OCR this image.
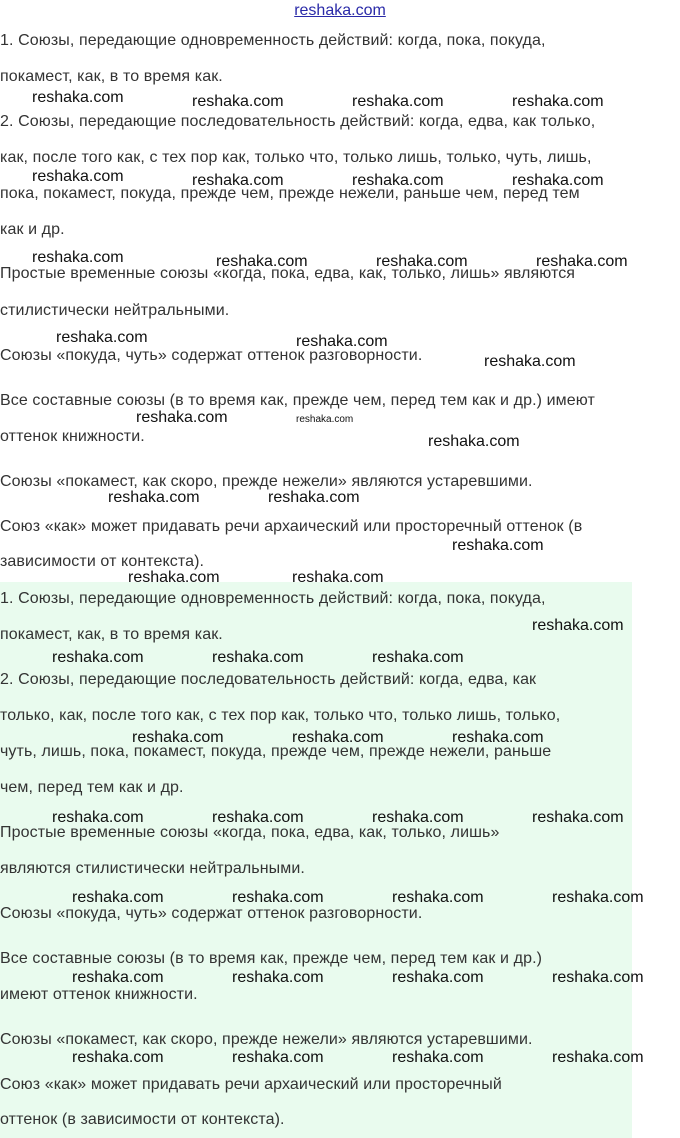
reshaka.com

1. Союзы, передающие одновременность действий: когда, пока, покуда,

покамест, как, в то время как.

2. Союзы, передающие последовательность действий: когда, едва, как только,

как, после того как, с тех пор как, только что, только лишь, только, чуть, лишь,

пока, покамест, покуда, прежде чем, прежде нежели, раньше чем, перед тем

как и др.

Простые временные союзы «когда, пока, едва, как, только, лишь» являются

стилистически нейтральными.

Союзы «покуда, чуть» содержат оттенок разговорности.

Все составные союзы (в то время как, прежде чем, перед тем как и др.) имеют

оттенок книжности.

Союзы «покамест, как скоро, прежде нежели» являются устаревшими.

Союз «как» может придавать речи архаический или просторечный оттенок (в

зависимости от контекста).

1. Союзы, передающие одновременность действий: когда, пока, покуда,

покамест, как, в то время как.

2. Союзы, передающие последовательность действий: когда, едва, как

только, как, после того как, с тех пор как, только что, только лишь, только,

чуть, лишь, пока, покамест, покуда, прежде чем, прежде нежели, раньше

чем, перед тем как и др.

Простые временные союзы «когда, пока, едва, как, только, лишь»

являются стилистически нейтральными.

Союзы «покуда, чуть» содержат оттенок разговорности.

Все составные союзы (в то время как, прежде чем, перед тем как и др.)

имеют оттенок книжности.

Союзы «покамест, как скоро, прежде нежели» являются устаревшими.

Союз «как» может придавать речи архаический или просторечный

оттенок (в зависимости от контекста).

reshaka.com	reshaka.com	reshaka.com	reshaka.com
reshaka.com	reshaka.com	reshaka.com	reshaka.com
reshaka.com	reshaka.com	reshaka.com	reshaka.com
reshaka.com	reshaka.com
reshaka.com
reshaka.com	reshaka.com
reshaka.com
reshaka.com	reshaka.com
reshaka.com
reshaka.com	reshaka.com
reshaka.com
reshaka.com	reshaka.com	reshaka.com
reshaka.com	reshaka.com	reshaka.com
reshaka.com	reshaka.com	reshaka.com	reshaka.com
reshaka.com	reshaka.com	reshaka.com	reshaka.com
reshaka.com	reshaka.com	reshaka.com	reshaka.com
reshaka.com	reshaka.com	reshaka.com	reshaka.com
